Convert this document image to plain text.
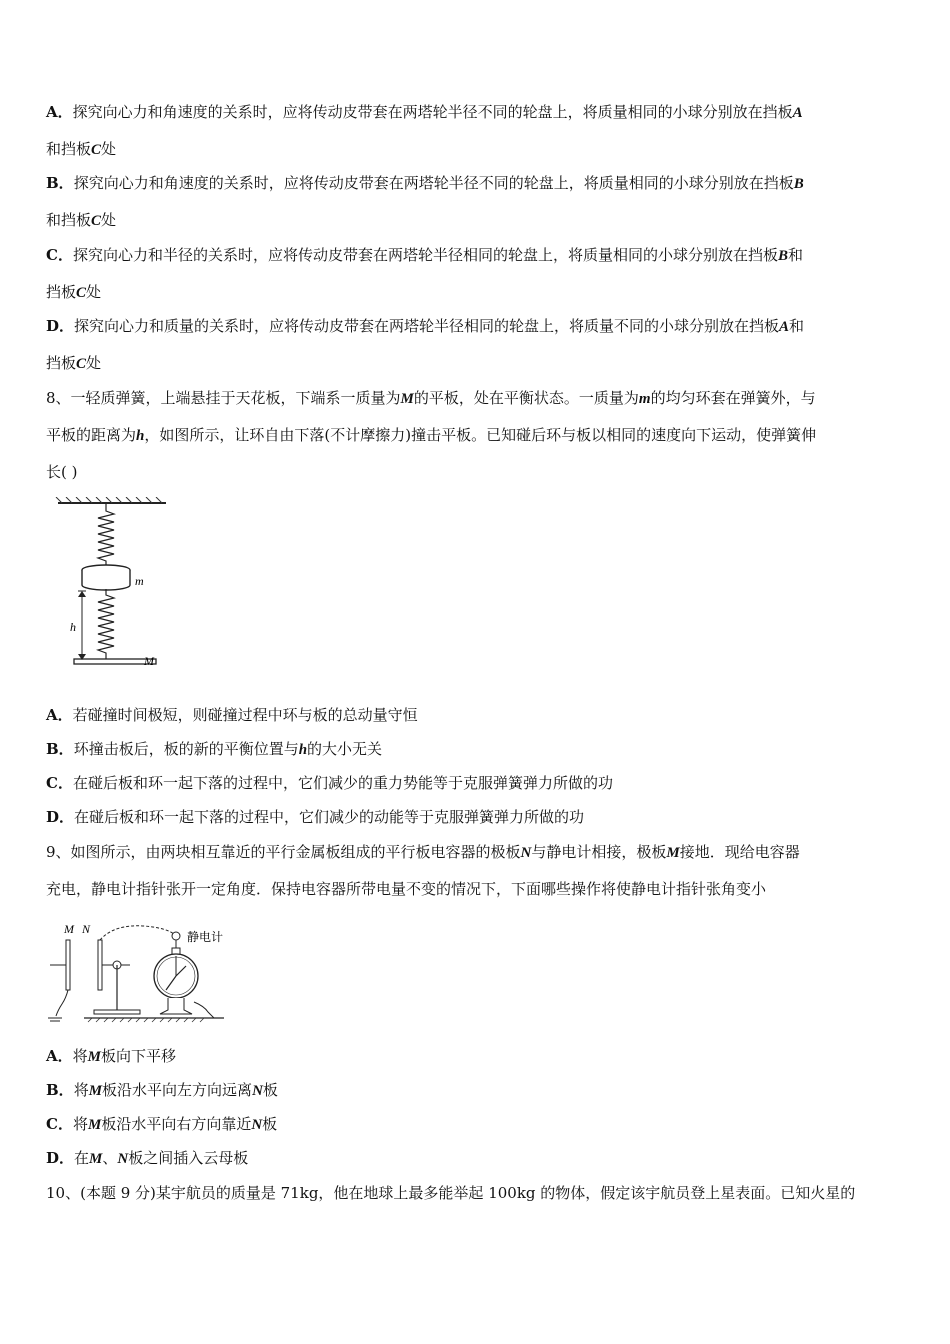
A．探究向心力和角速度的关系时，应将传动皮带套在两塔轮半径不同的轮盘上，将质量相同的小球分别放在挡板A
和挡板C处
B．探究向心力和角速度的关系时，应将传动皮带套在两塔轮半径不同的轮盘上，将质量相同的小球分别放在挡板B
和挡板C处
C．探究向心力和半径的关系时，应将传动皮带套在两塔轮半径相同的轮盘上，将质量相同的小球分别放在挡板B和
挡板C处
D．探究向心力和质量的关系时，应将传动皮带套在两塔轮半径相同的轮盘上，将质量不同的小球分别放在挡板A和
挡板C处
8、一轻质弹簧，上端悬挂于天花板，下端系一质量为M的平板，处在平衡状态。一质量为m的均匀环套在弹簧外，与
平板的距离为h，如图所示，让环自由下落(不计摩擦力)撞击平板。已知碰后环与板以相同的速度向下运动，使弹簧伸
长( )
m
h
M
A．若碰撞时间极短，则碰撞过程中环与板的总动量守恒
B．环撞击板后，板的新的平衡位置与h的大小无关
C．在碰后板和环一起下落的过程中，它们减少的重力势能等于克服弹簧弹力所做的功
D．在碰后板和环一起下落的过程中，它们减少的动能等于克服弹簧弹力所做的功
9、如图所示，由两块相互靠近的平行金属板组成的平行板电容器的极板N与静电计相接，极板M接地．现给电容器
充电，静电计指针张开一定角度．保持电容器所带电量不变的情况下，下面哪些操作将使静电计指针张角变小
M N
静电计
A．将M板向下平移
B．将M板沿水平向左方向远离N板
C．将M板沿水平向右方向靠近N板
D．在M、N板之间插入云母板
10、(本题 9 分)某宇航员的质量是 71kg，他在地球上最多能举起 100kg 的物体，假定该宇航员登上星表面。已知火星的
